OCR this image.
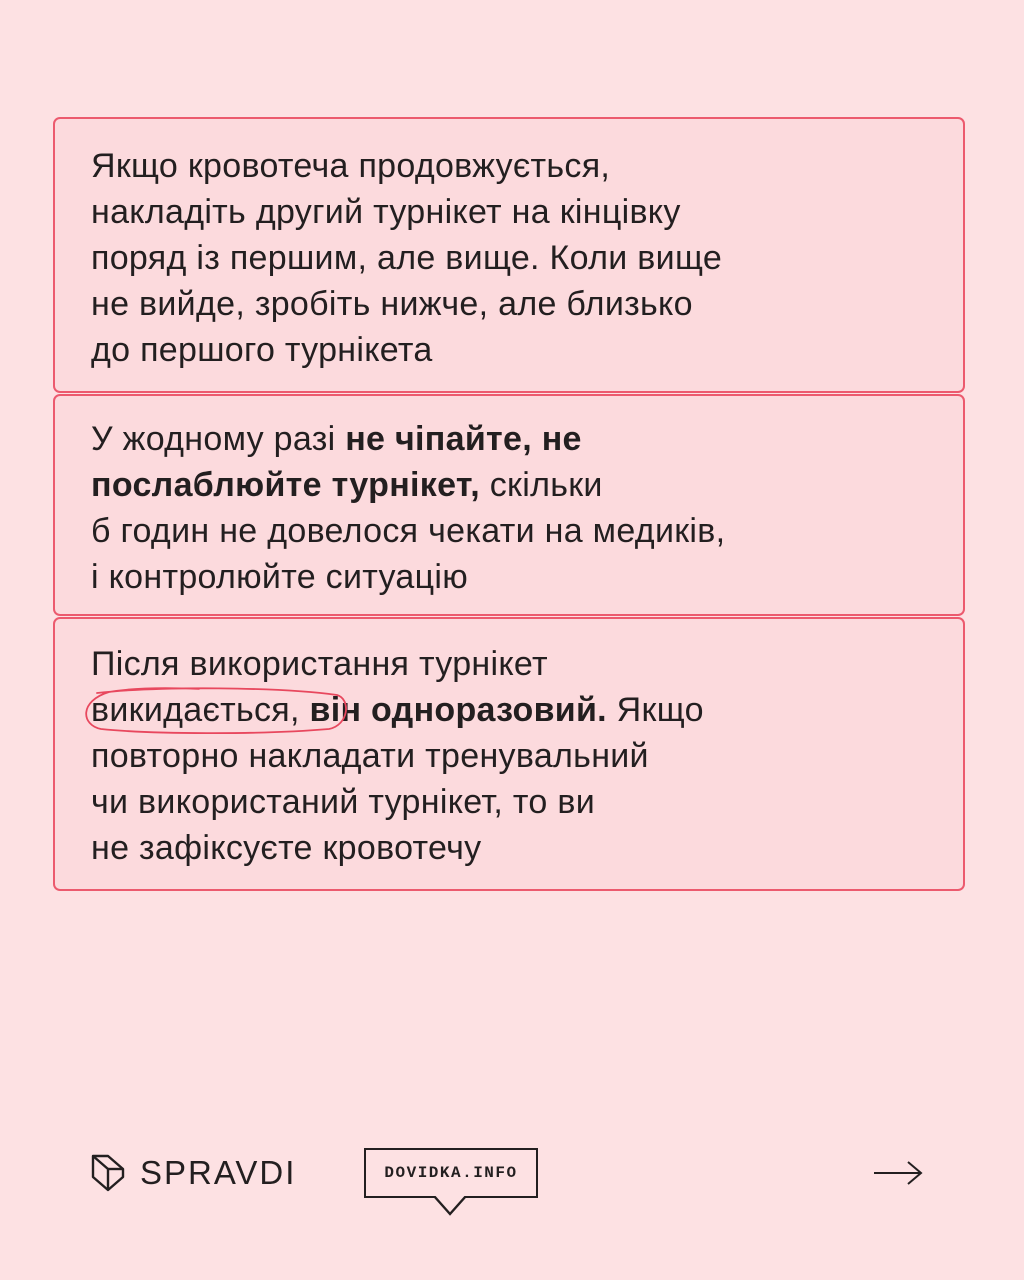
Якщо кровотеча продовжується,
накладіть другий турнікет на кінцівку
поряд із першим, але вище. Коли вище
не вийде, зробіть нижче, але близько
до першого турнікета

У жодному разі не чіпайте, не
послаблюйте турнікет, скільки
б годин не довелося чекати на медиків,
і контролюйте ситуацію

Після використання турнікет
викидається, він одноразовий. Якщо
повторно накладати тренувальний
чи використаний турнікет, то ви
не зафіксуєте кровотечу

SPRAVDI	DOVIDKA.INFO
